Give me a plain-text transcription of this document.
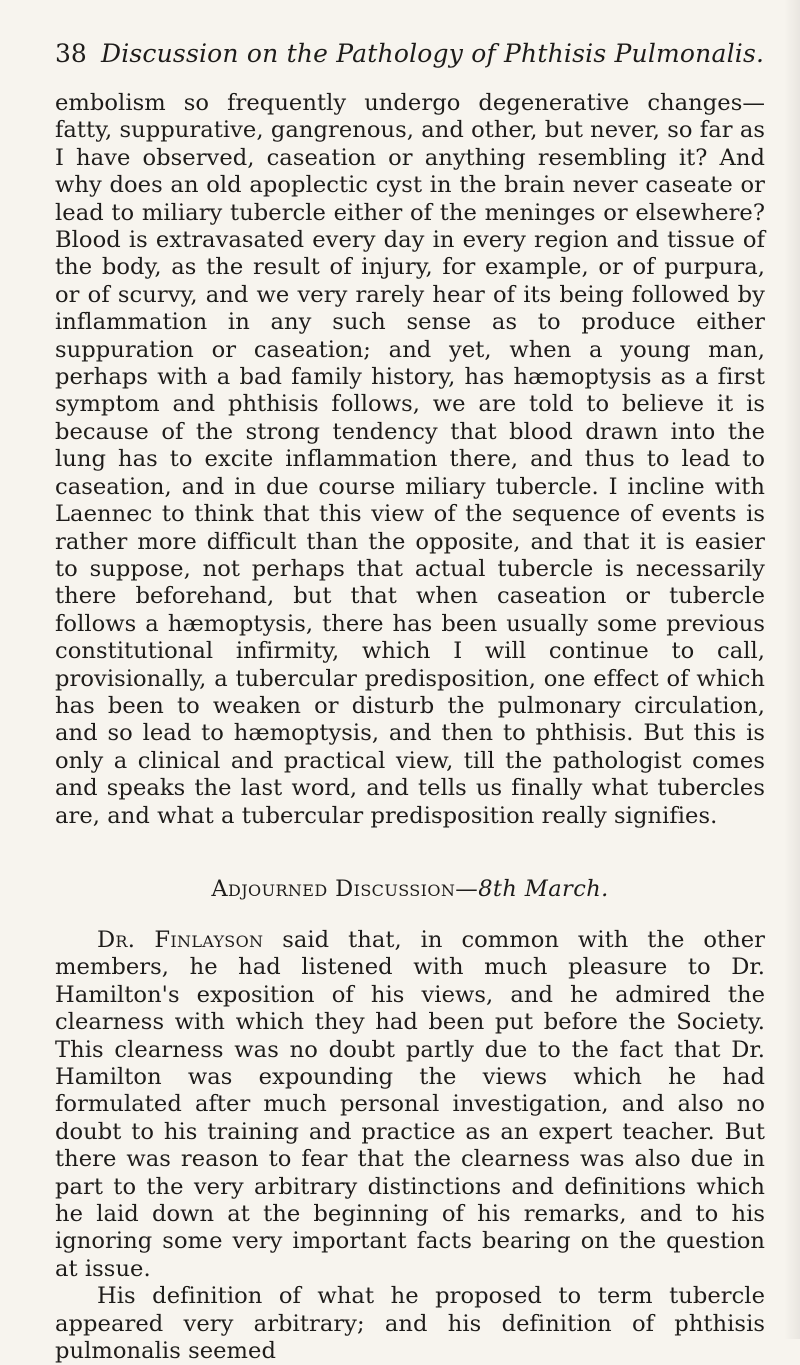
38 Discussion on the Pathology of Phthisis Pulmonalis.

embolism so frequently undergo degenerative changes—fatty, suppurative, gangrenous, and other, but never, so far as I have observed, caseation or anything resembling it? And why does an old apoplectic cyst in the brain never caseate or lead to miliary tubercle either of the meninges or elsewhere? Blood is extravasated every day in every region and tissue of the body, as the result of injury, for example, or of purpura, or of scurvy, and we very rarely hear of its being followed by inflammation in any such sense as to produce either suppuration or caseation; and yet, when a young man, perhaps with a bad family history, has hæmoptysis as a first symptom and phthisis follows, we are told to believe it is because of the strong tendency that blood drawn into the lung has to excite inflammation there, and thus to lead to caseation, and in due course miliary tubercle. I incline with Laennec to think that this view of the sequence of events is rather more difficult than the opposite, and that it is easier to suppose, not perhaps that actual tubercle is necessarily there beforehand, but that when caseation or tubercle follows a hæmoptysis, there has been usually some previous constitutional infirmity, which I will continue to call, provisionally, a tubercular predisposition, one effect of which has been to weaken or disturb the pulmonary circulation, and so lead to hæmoptysis, and then to phthisis. But this is only a clinical and practical view, till the pathologist comes and speaks the last word, and tells us finally what tubercles are, and what a tubercular predisposition really signifies.

Adjourned Discussion—8th March.

Dr. Finlayson said that, in common with the other members, he had listened with much pleasure to Dr. Hamilton's exposition of his views, and he admired the clearness with which they had been put before the Society. This clearness was no doubt partly due to the fact that Dr. Hamilton was expounding the views which he had formulated after much personal investigation, and also no doubt to his training and practice as an expert teacher. But there was reason to fear that the clearness was also due in part to the very arbitrary distinctions and definitions which he laid down at the beginning of his remarks, and to his ignoring some very important facts bearing on the question at issue.

His definition of what he proposed to term tubercle appeared very arbitrary; and his definition of phthisis pulmonalis seemed
